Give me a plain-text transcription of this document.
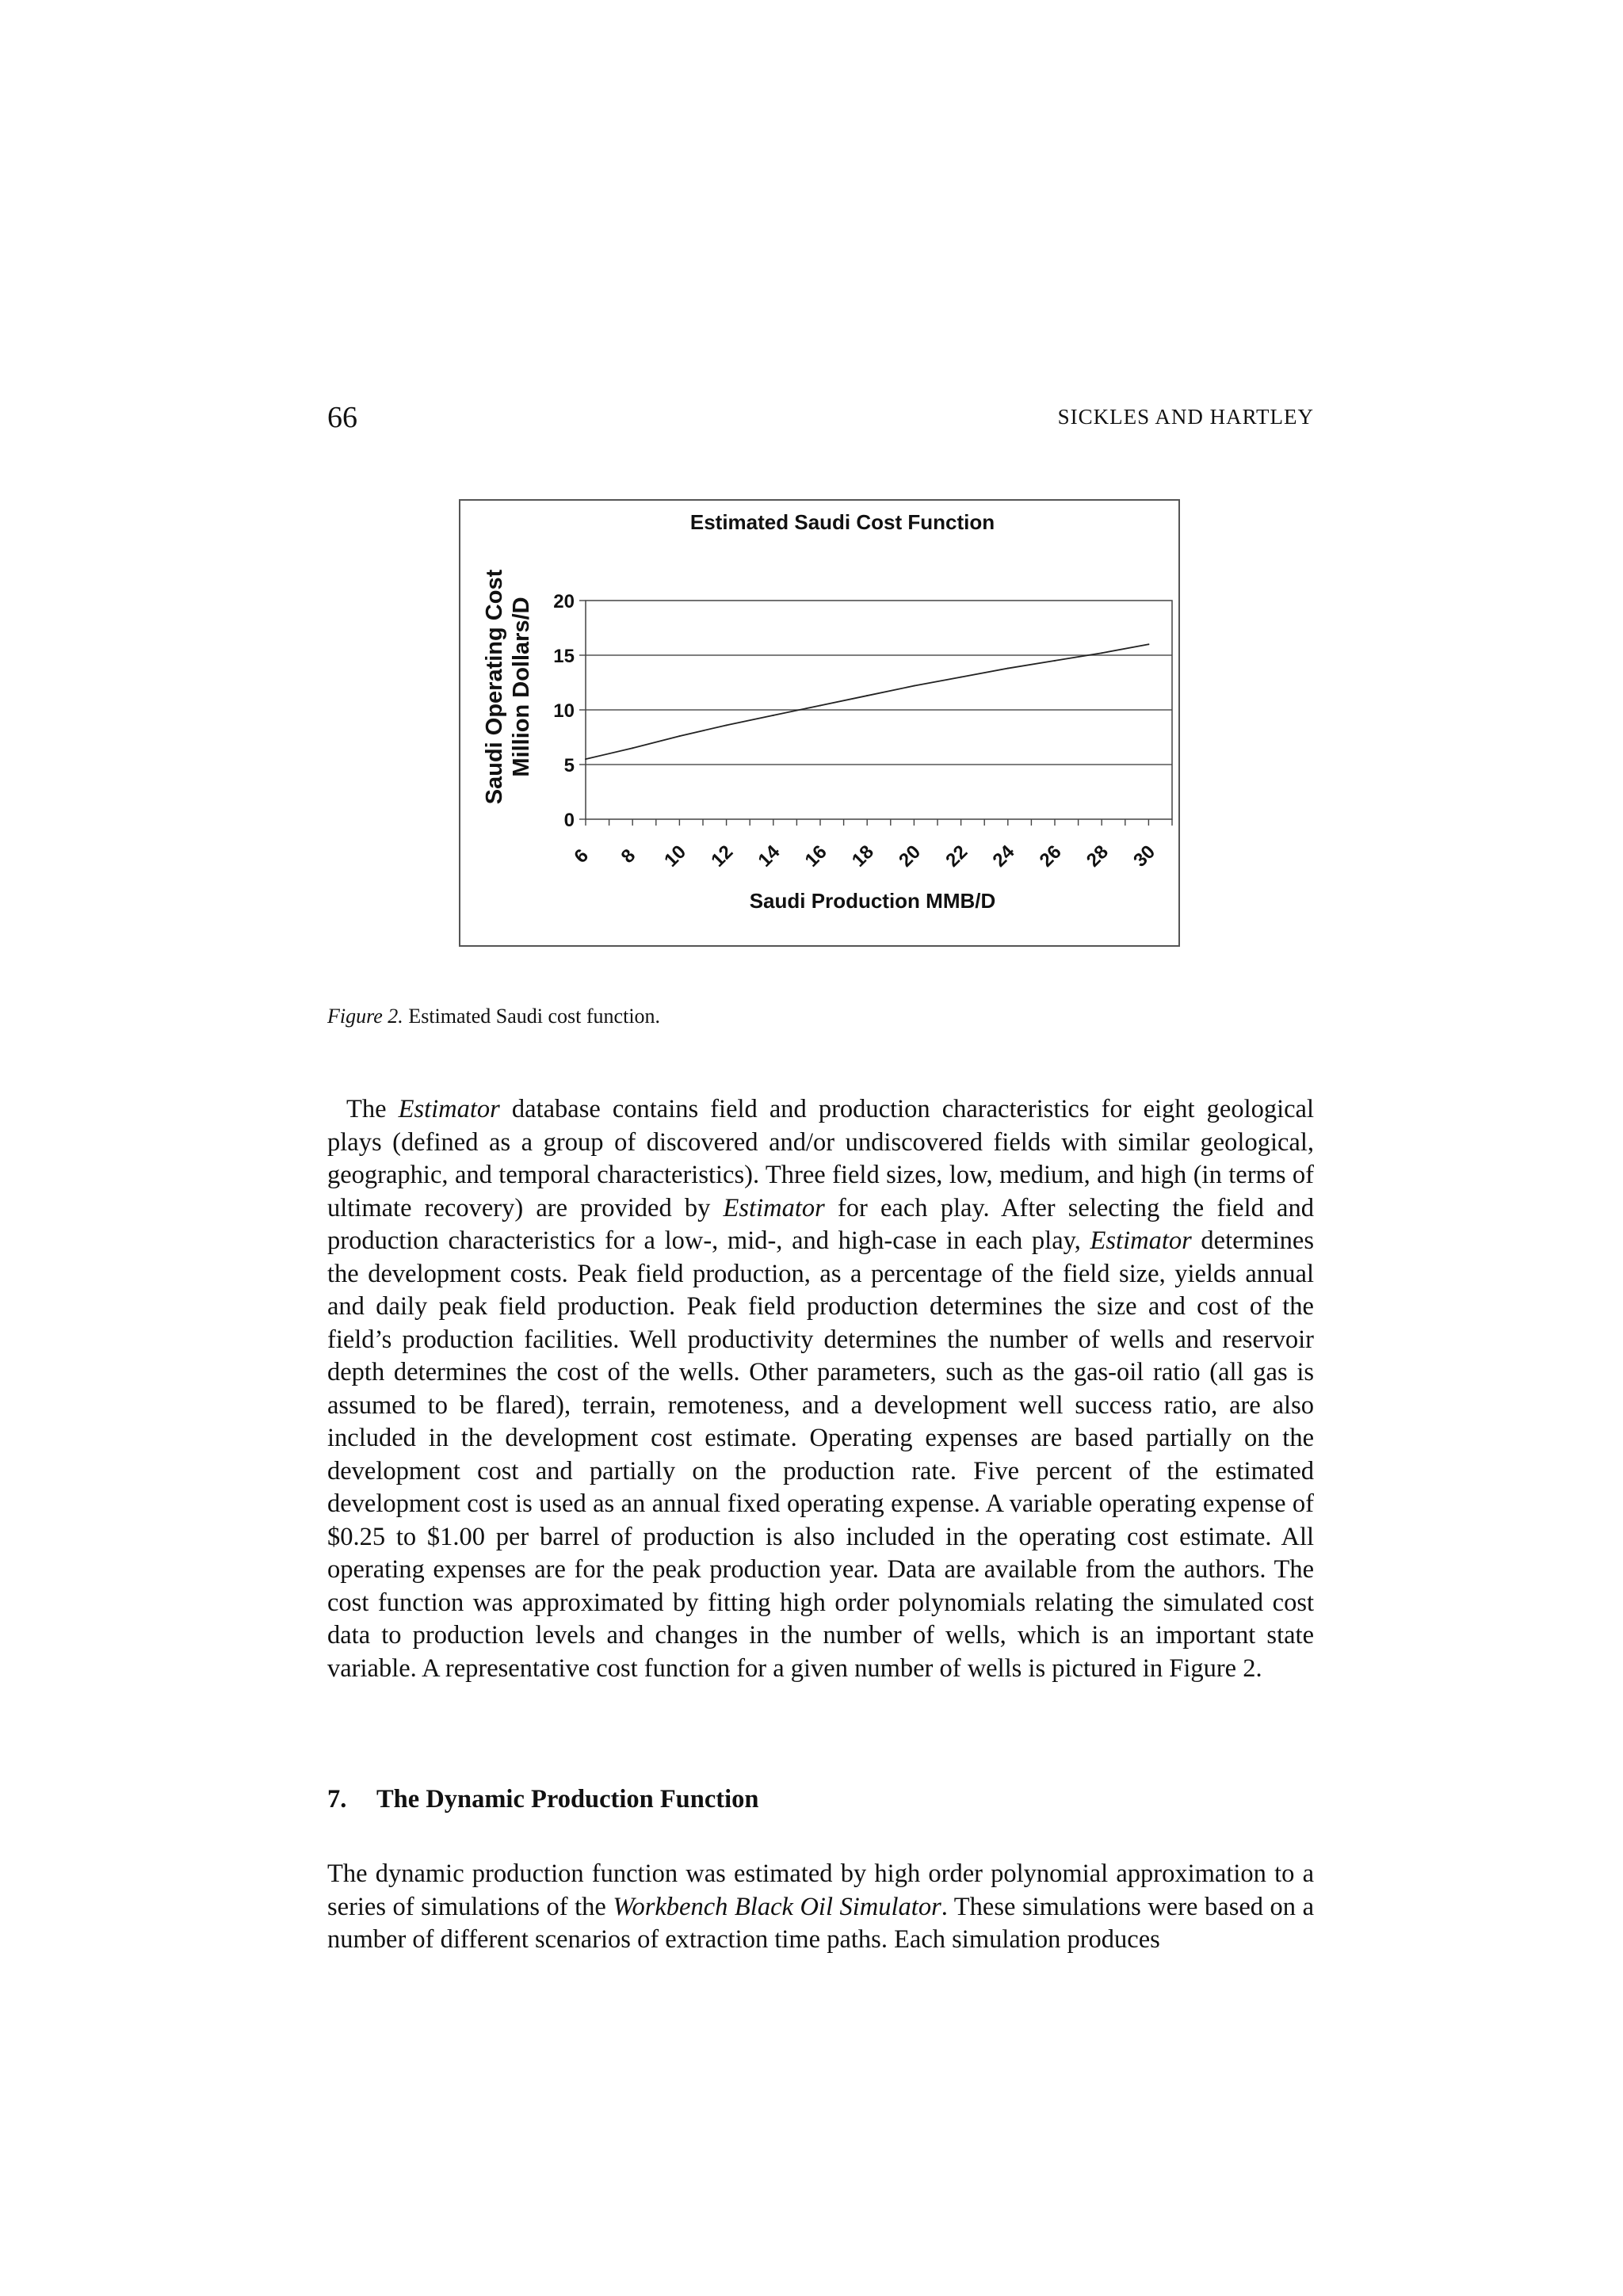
66	SICKLES AND HARTLEY
0
5
10
15
20
6 8 10 12 14 16 18 20 22 24 26 28 30
Estimated Saudi Cost Function
Saudi Production MMB/D
Saudi Operating Cost Million Dollars/D
Figure 2. Estimated Saudi cost function.

The Estimator database contains field and production characteristics for eight geological plays (defined as a group of discovered and/or undiscovered fields with similar geological, geographic, and temporal characteristics). Three field sizes, low, medium, and high (in terms of ultimate recovery) are provided by Estimator for each play. After selecting the field and production characteristics for a low-, mid-, and high-case in each play, Estimator determines the development costs. Peak field production, as a percentage of the field size, yields annual and daily peak field production. Peak field production determines the size and cost of the field’s production facilities. Well productivity determines the number of wells and reservoir depth determines the cost of the wells. Other parameters, such as the gas-oil ratio (all gas is assumed to be flared), terrain, remoteness, and a development well success ratio, are also included in the development cost estimate. Operating expenses are based partially on the development cost and partially on the production rate. Five percent of the estimated development cost is used as an annual fixed operating expense. A variable operating expense of $0.25 to $1.00 per barrel of production is also included in the operating cost estimate. All operating expenses are for the peak production year. Data are available from the authors. The cost function was approximated by fitting high order polynomials relating the simulated cost data to production levels and changes in the number of wells, which is an important state variable. A representative cost function for a given number of wells is pictured in Figure 2.

7. The Dynamic Production Function

The dynamic production function was estimated by high order polynomial approximation to a series of simulations of the Workbench Black Oil Simulator. These simulations were based on a number of different scenarios of extraction time paths. Each simulation produces
